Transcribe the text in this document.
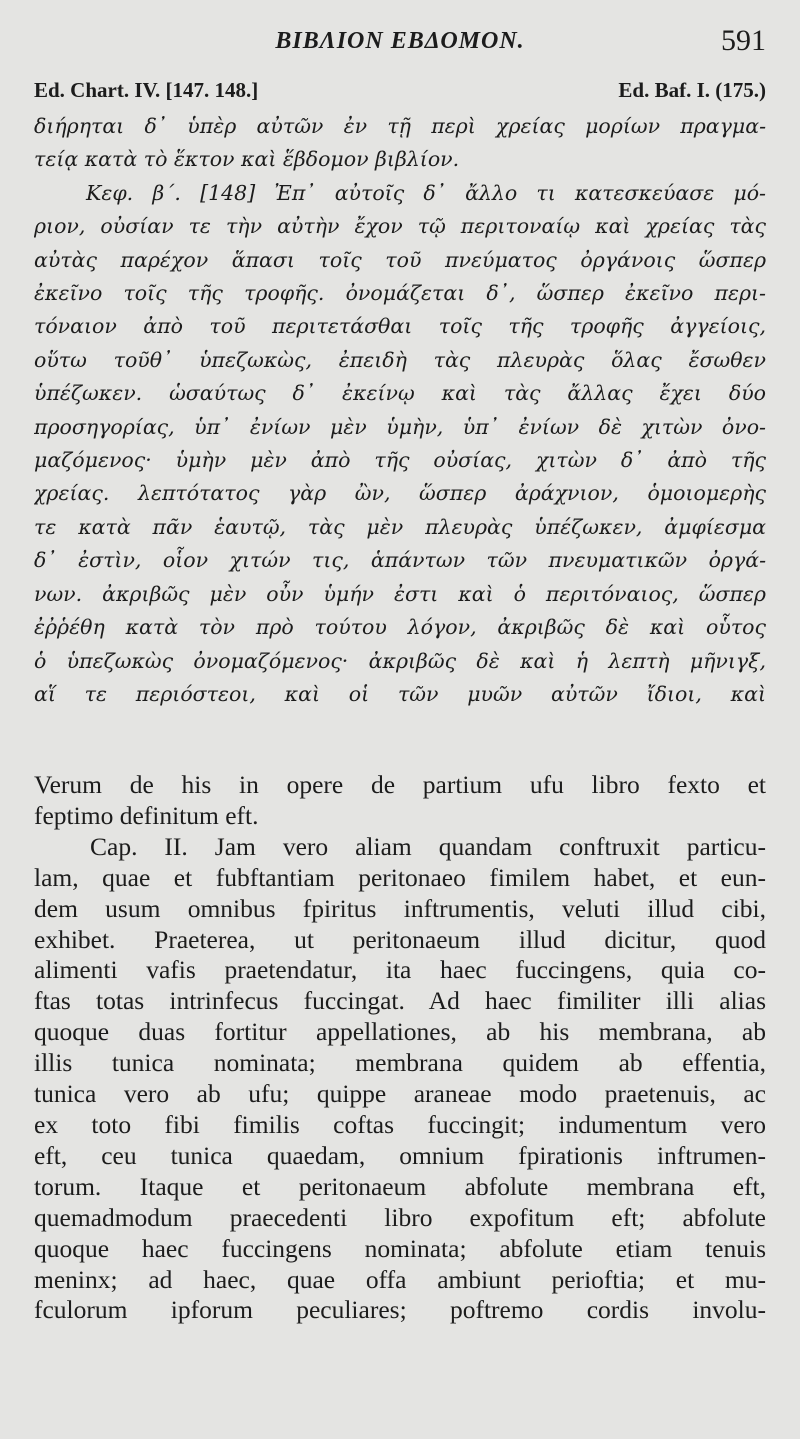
BIBΛΙΟΝ ΕΒΔΟΜΟΝ.	591
Ed. Chart. IV. [147. 148.]	Ed. Baf. I. (175.)
διήρηται δ᾽ ὑπὲρ αὐτῶν ἐν τῇ περὶ χρείας μορίων πραγμα-
τείᾳ κατὰ τὸ ἕκτον καὶ ἕβδομον βιβλίον.
Κεφ. β΄. [148] Ἐπ᾽ αὐτοῖς δ᾽ ἄλλο τι κατεσκεύασε μό-
ριον, οὐσίαν τε τὴν αὐτὴν ἔχον τῷ περιτοναίῳ καὶ χρείας τὰς
αὐτὰς παρέχον ἅπασι τοῖς τοῦ πνεύματος ὀργάνοις ὥσπερ
ἐκεῖνο τοῖς τῆς τροφῆς. ὀνομάζεται δ᾽, ὥσπερ ἐκεῖνο περι-
τόναιον ἀπὸ τοῦ περιτετάσθαι τοῖς τῆς τροφῆς ἀγγείοις,
οὕτω τοῦθ᾽ ὑπεζωκὼς, ἐπειδὴ τὰς πλευρὰς ὅλας ἔσωθεν
ὑπέζωκεν. ὡσαύτως δ᾽ ἐκείνῳ καὶ τὰς ἄλλας ἔχει δύο
προσηγορίας, ὑπ᾽ ἐνίων μὲν ὑμὴν, ὑπ᾽ ἐνίων δὲ χιτὼν ὀνο-
μαζόμενος· ὑμὴν μὲν ἀπὸ τῆς οὐσίας, χιτὼν δ᾽ ἀπὸ τῆς
χρείας. λεπτότατος γὰρ ὢν, ὥσπερ ἀράχνιον, ὁμοιομερὴς
τε κατὰ πᾶν ἑαυτῷ, τὰς μὲν πλευρὰς ὑπέζωκεν, ἀμφίεσμα
δ᾽ ἐστὶν, οἷον χιτών τις, ἁπάντων τῶν πνευματικῶν ὀργά-
νων. ἀκριβῶς μὲν οὖν ὑμήν ἐστι καὶ ὁ περιτόναιος, ὥσπερ
ἐῤῥέθη κατὰ τὸν πρὸ τούτου λόγον, ἀκριβῶς δὲ καὶ οὗτος
ὁ ὑπεζωκὼς ὀνομαζόμενος· ἀκριβῶς δὲ καὶ ἡ λεπτὴ μῆνιγξ,
αἵ τε περιόστεοι, καὶ οἱ τῶν μυῶν αὐτῶν ἴδιοι, καὶ
Verum de his in opere de partium ufu libro fexto et
feptimo definitum eft.
Cap. II. Jam vero aliam quandam conftruxit particu-
lam, quae et fubftantiam peritonaeo fimilem habet, et eun-
dem usum omnibus fpiritus inftrumentis, veluti illud cibi,
exhibet. Praeterea, ut peritonaeum illud dicitur, quod
alimenti vafis praetendatur, ita haec fuccingens, quia co-
ftas totas intrinfecus fuccingat. Ad haec fimiliter illi alias
quoque duas fortitur appellationes, ab his membrana, ab
illis tunica nominata; membrana quidem ab effentia,
tunica vero ab ufu; quippe araneae modo praetenuis, ac
ex toto fibi fimilis coftas fuccingit; indumentum vero
eft, ceu tunica quaedam, omnium fpirationis inftrumen-
torum. Itaque et peritonaeum abfolute membrana eft,
quemadmodum praecedenti libro expofitum eft; abfolute
quoque haec fuccingens nominata; abfolute etiam tenuis
meninx; ad haec, quae offa ambiunt perioftia; et mu-
fculorum ipforum peculiares; poftremo cordis involu-
